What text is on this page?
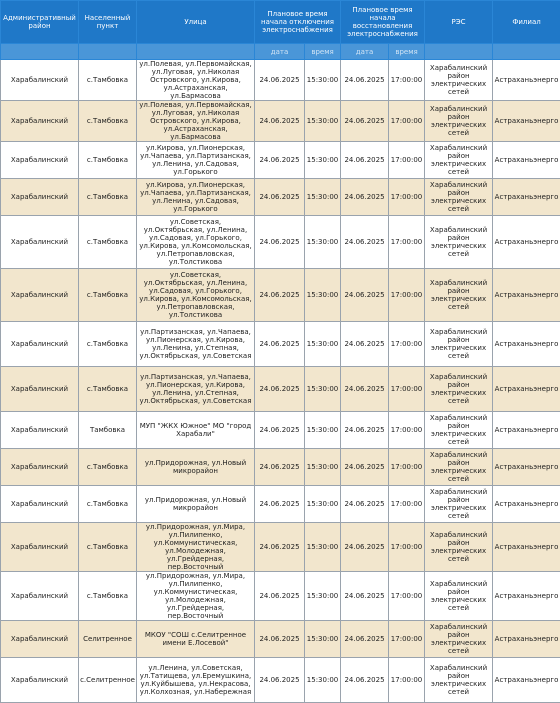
Административный район	Населенный пункт	Улица	Плановое время начала отключения электроснабжения		Плановое время начала восстановления электроснабжения		РЭС	Филиал
			дата	время	дата	время		
Харабалинский	с.Тамбовка	ул.Полевая, ул.Первомайская, ул.Луговая, ул.Николая Островского, ул.Кирова, ул.Астраханская, ул.Бармасова	24.06.2025	15:30:00	24.06.2025	17:00:00	Харабалинский район электрических сетей	Астраханьэнерго
Харабалинский	с.Тамбовка	ул.Полевая, ул.Первомайская, ул.Луговая, ул.Николая Островского, ул.Кирова, ул.Астраханская, ул.Бармасова	24.06.2025	15:30:00	24.06.2025	17:00:00	Харабалинский район электрических сетей	Астраханьэнерго
Харабалинский	с.Тамбовка	ул.Кирова, ул.Пионерская, ул.Чапаева, ул.Партизанская, ул.Ленина, ул.Садовая, ул.Горького	24.06.2025	15:30:00	24.06.2025	17:00:00	Харабалинский район электрических сетей	Астраханьэнерго
Харабалинский	с.Тамбовка	ул.Кирова, ул.Пионерская, ул.Чапаева, ул.Партизанская, ул.Ленина, ул.Садовая, ул.Горького	24.06.2025	15:30:00	24.06.2025	17:00:00	Харабалинский район электрических сетей	Астраханьэнерго
Харабалинский	с.Тамбовка	ул.Советская, ул.Октябрьская, ул.Ленина, ул.Садовая, ул.Горького, ул.Кирова, ул.Комсомольская, ул.Петропавловская, ул.Толстикова	24.06.2025	15:30:00	24.06.2025	17:00:00	Харабалинский район электрических сетей	Астраханьэнерго
Харабалинский	с.Тамбовка	ул.Советская, ул.Октябрьская, ул.Ленина, ул.Садовая, ул.Горького, ул.Кирова, ул.Комсомольская, ул.Петропавловская, ул.Толстикова	24.06.2025	15:30:00	24.06.2025	17:00:00	Харабалинский район электрических сетей	Астраханьэнерго
Харабалинский	с.Тамбовка	ул.Партизанская, ул.Чапаева, ул.Пионерская, ул.Кирова, ул.Ленина, ул.Степная, ул.Октябрьская, ул.Советская	24.06.2025	15:30:00	24.06.2025	17:00:00	Харабалинский район электрических сетей	Астраханьэнерго
Харабалинский	с.Тамбовка	ул.Партизанская, ул.Чапаева, ул.Пионерская, ул.Кирова, ул.Ленина, ул.Степная, ул.Октябрьская, ул.Советская	24.06.2025	15:30:00	24.06.2025	17:00:00	Харабалинский район электрических сетей	Астраханьэнерго
Харабалинский	Тамбовка	МУП "ЖКХ Южное" МО "город Харабали"	24.06.2025	15:30:00	24.06.2025	17:00:00	Харабалинский район электрических сетей	Астраханьэнерго
Харабалинский	с.Тамбовка	ул.Придорожная, ул.Новый микрорайон	24.06.2025	15:30:00	24.06.2025	17:00:00	Харабалинский район электрических сетей	Астраханьэнерго
Харабалинский	с.Тамбовка	ул.Придорожная, ул.Новый микрорайон	24.06.2025	15:30:00	24.06.2025	17:00:00	Харабалинский район электрических сетей	Астраханьэнерго
Харабалинский	с.Тамбовка	ул.Придорожная, ул.Мира, ул.Пилипенко, ул.Коммунистическая, ул.Молодежная, ул.Грейдерная, пер.Восточный	24.06.2025	15:30:00	24.06.2025	17:00:00	Харабалинский район электрических сетей	Астраханьэнерго
Харабалинский	с.Тамбовка	ул.Придорожная, ул.Мира, ул.Пилипенко, ул.Коммунистическая, ул.Молодежная, ул.Грейдерная, пер.Восточный	24.06.2025	15:30:00	24.06.2025	17:00:00	Харабалинский район электрических сетей	Астраханьэнерго
Харабалинский	Селитренное	МКОУ "СОШ с.Селитренное имени Е.Лосевой"	24.06.2025	15:30:00	24.06.2025	17:00:00	Харабалинский район электрических сетей	Астраханьэнерго
Харабалинский	с.Селитренное	ул.Ленина, ул.Советская, ул.Татищева, ул.Еремушкина, ул.Куйбышева, ул.Некрасова, ул.Колхозная, ул.Набережная	24.06.2025	15:30:00	24.06.2025	17:00:00	Харабалинский район электрических сетей	Астраханьэнерго
